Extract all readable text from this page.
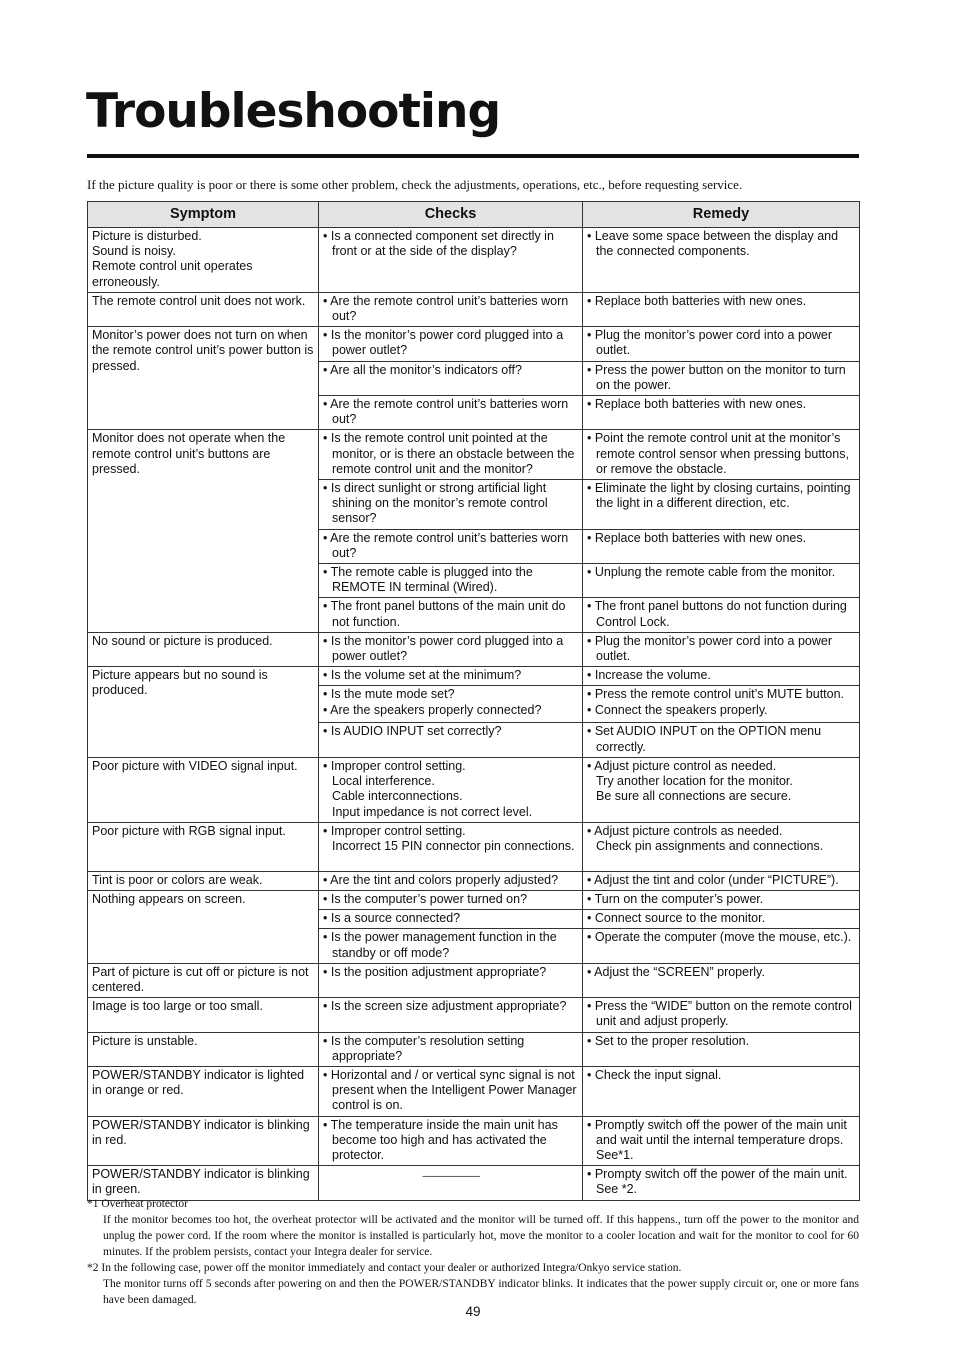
Troubleshooting

If the picture quality is poor or there is some other problem, check the adjustments, operations, etc., before requesting service.

Symptom	Checks	Remedy

Picture is disturbed.
Sound is noisy.
Remote control unit operates erroneously.	• Is a connected component set directly in front or at the side of the display?	• Leave some space between the display and the connected components.

The remote control unit does not work.	• Are the remote control unit’s batteries worn out?	• Replace both batteries with new ones.

Monitor’s power does not turn on when the remote control unit’s power button is pressed.	• Is the monitor’s power cord plugged into a power outlet?	• Plug the monitor’s power cord into a power outlet.

	• Are all the monitor’s indicators off?	• Press the power button on the monitor to turn on the power.

	• Are the remote control unit’s batteries worn out?	• Replace both batteries with new ones.

Monitor does not operate when the remote control unit’s buttons are pressed.	• Is the remote control unit pointed at the monitor, or is there an obstacle between the remote control unit and the monitor?	• Point the remote control unit at the monitor’s remote control sensor when pressing buttons, or remove the obstacle.

	• Is direct sunlight or strong artificial light shining on the monitor’s remote control sensor?	• Eliminate the light by closing curtains, pointing the light in a different direction, etc.

	• Are the remote control unit’s batteries worn out?	• Replace both batteries with new ones.

	• The remote cable is plugged into the REMOTE IN terminal (Wired).	• Unplung the remote cable from the monitor.

	• The front panel buttons of the main unit do not function.	• The front panel buttons do not function during Control Lock.

No sound or picture is produced.	• Is the monitor’s power cord plugged into a power outlet?	• Plug the monitor’s power cord into a power outlet.

Picture appears but no sound is produced.	• Is the volume set at the minimum?	• Increase the volume.

	• Is the mute mode set?
• Are the speakers properly connected?	• Press the remote control unit’s MUTE button.
• Connect the speakers properly.

	• Is AUDIO INPUT set correctly?	• Set AUDIO INPUT on the OPTION menu correctly.

Poor picture with VIDEO signal input.	• Improper control setting.
Local interference.
Cable interconnections.
Input impedance is not correct level.	• Adjust picture control as needed.
Try another location for the monitor.
Be sure all connections are secure.

Poor picture with RGB signal input.	• Improper control setting.
Incorrect 15 PIN connector pin connections.	• Adjust picture controls as needed.
Check pin assignments and connections.

Tint is poor or colors are weak.	• Are the tint and colors properly adjusted?	• Adjust the tint and color (under “PICTURE”).

Nothing appears on screen.	• Is the computer’s power turned on?	• Turn on the computer’s power.

	• Is a source connected?	• Connect source to the monitor.

	• Is the power management function in the standby or off mode?	• Operate the computer (move the mouse, etc.).

Part of picture is cut off or picture is not centered.	• Is the position adjustment appropriate?	• Adjust the “SCREEN” properly.

Image is too large or too small.	• Is the screen size adjustment appropriate?	• Press the “WIDE” button on the remote control unit and adjust properly.

Picture is unstable.	• Is the computer’s resolution setting appropriate?	• Set to the proper resolution.

POWER/STANDBY indicator is lighted in orange or red.	• Horizontal and / or vertical sync signal is not present when the Intelligent Power Manager control is on.	• Check the input signal.

POWER/STANDBY indicator is blinking in red.	• The temperature inside the main unit has become too high and has activated the protector.	• Promptly switch off the power of the main unit and wait until the internal temperature drops. See*1.

POWER/STANDBY indicator is blinking in green.	——————	• Prompty switch off the power of the main unit. See *2.
*1 Overheat protector
If the monitor becomes too hot, the overheat protector will be activated and the monitor will be turned off. If this happens., turn off the power to the monitor and unplug the power cord. If the room where the monitor is installed is particularly hot, move the monitor to a cooler location and wait for the monitor to cool for 60 minutes. If the problem persists, contact your Integra dealer for service.
*2 In the following case, power off the monitor immediately and contact your dealer or authorized Integra/Onkyo service station.
The monitor turns off 5 seconds after powering on and then the POWER/STANDBY indicator blinks. It indicates that the power supply circuit or, one or more fans have been damaged.
49
